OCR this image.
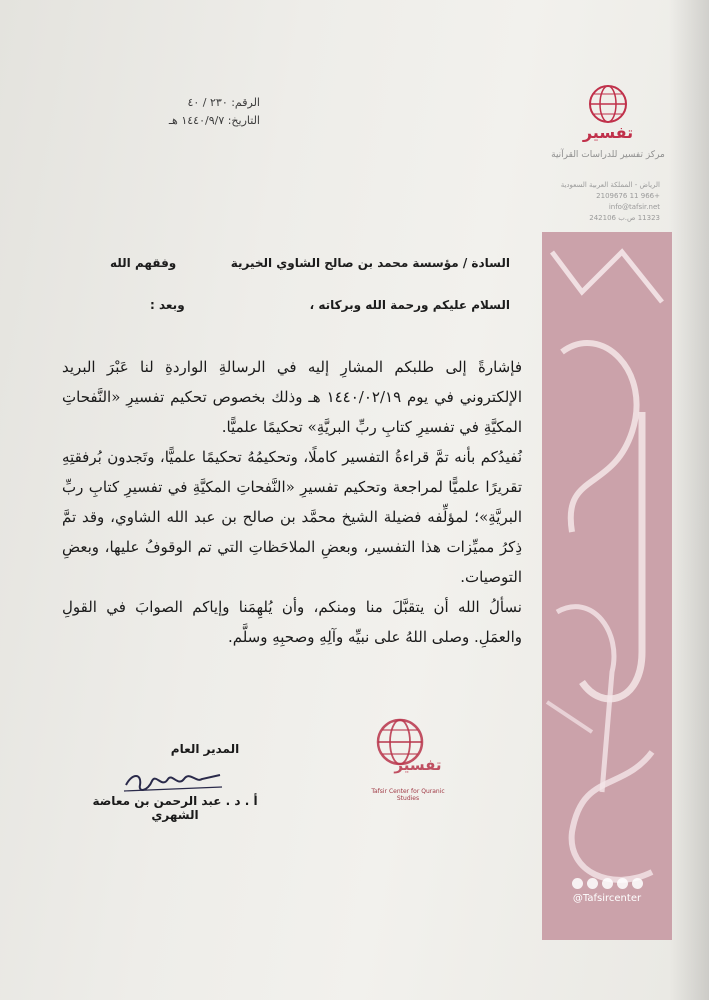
تفسير
مركز تفسير للدراسات القرآنية
الرياض - المملكة العربية السعودية
+966 11 2109676
info@tafsir.net
11323 ص.ب 242106
الرقم: ٢٣٠ / ٤٠
التاريخ: ١٤٤٠/٩/٧ هـ
السادة / مؤسسة محمد بن صالح الشاوي الخيرية
وفقهم الله
السلام عليكم ورحمة الله وبركاته ،
وبعد :

فإشارةً إلى طلبكم المشارِ إليه في الرسالةِ الواردةِ لنا عَبْرَ البريد الإلكتروني في يوم ١٤٤٠/٠٢/١٩ هـ وذلك بخصوص تحكيم تفسيرِ «النَّفحاتِ المكيَّةِ في تفسيرِ كتابِ ربِّ البريَّةِ» تحكيمًا علميًّا.

نُفيدُكم بأنه تمَّ قراءةُ التفسير كاملًا، وتحكيمُهُ تحكيمًا علميًّا، وتَجدون بُرفقتِهِ تقريرًا علميًّا لمراجعة وتحكيم تفسيرِ «النَّفحاتِ المكيَّةِ في تفسيرِ كتابِ ربِّ البريَّةِ»؛ لمؤلِّفه فضيلة الشيخ محمَّد بن صالح بن عبد الله الشاوي، وقد تمَّ ذِكرُ مميِّزات هذا التفسير، وبعضِ الملاحَظاتِ التي تم الوقوفُ عليها، وبعضِ التوصيات.

نسألُ الله أن يتقبَّلَ منا ومنكم، وأن يُلهِمَنا وإياكم الصوابَ في القولِ والعمَلِ. وصلى اللهُ على نبيِّه وآلِهِ وصحبِهِ وسلَّم.

تفسير
Tafsir Center for Quranic Studies
المدير العام
أ . د . عبد الرحمن بن معاضة الشهري
@Tafsircenter
